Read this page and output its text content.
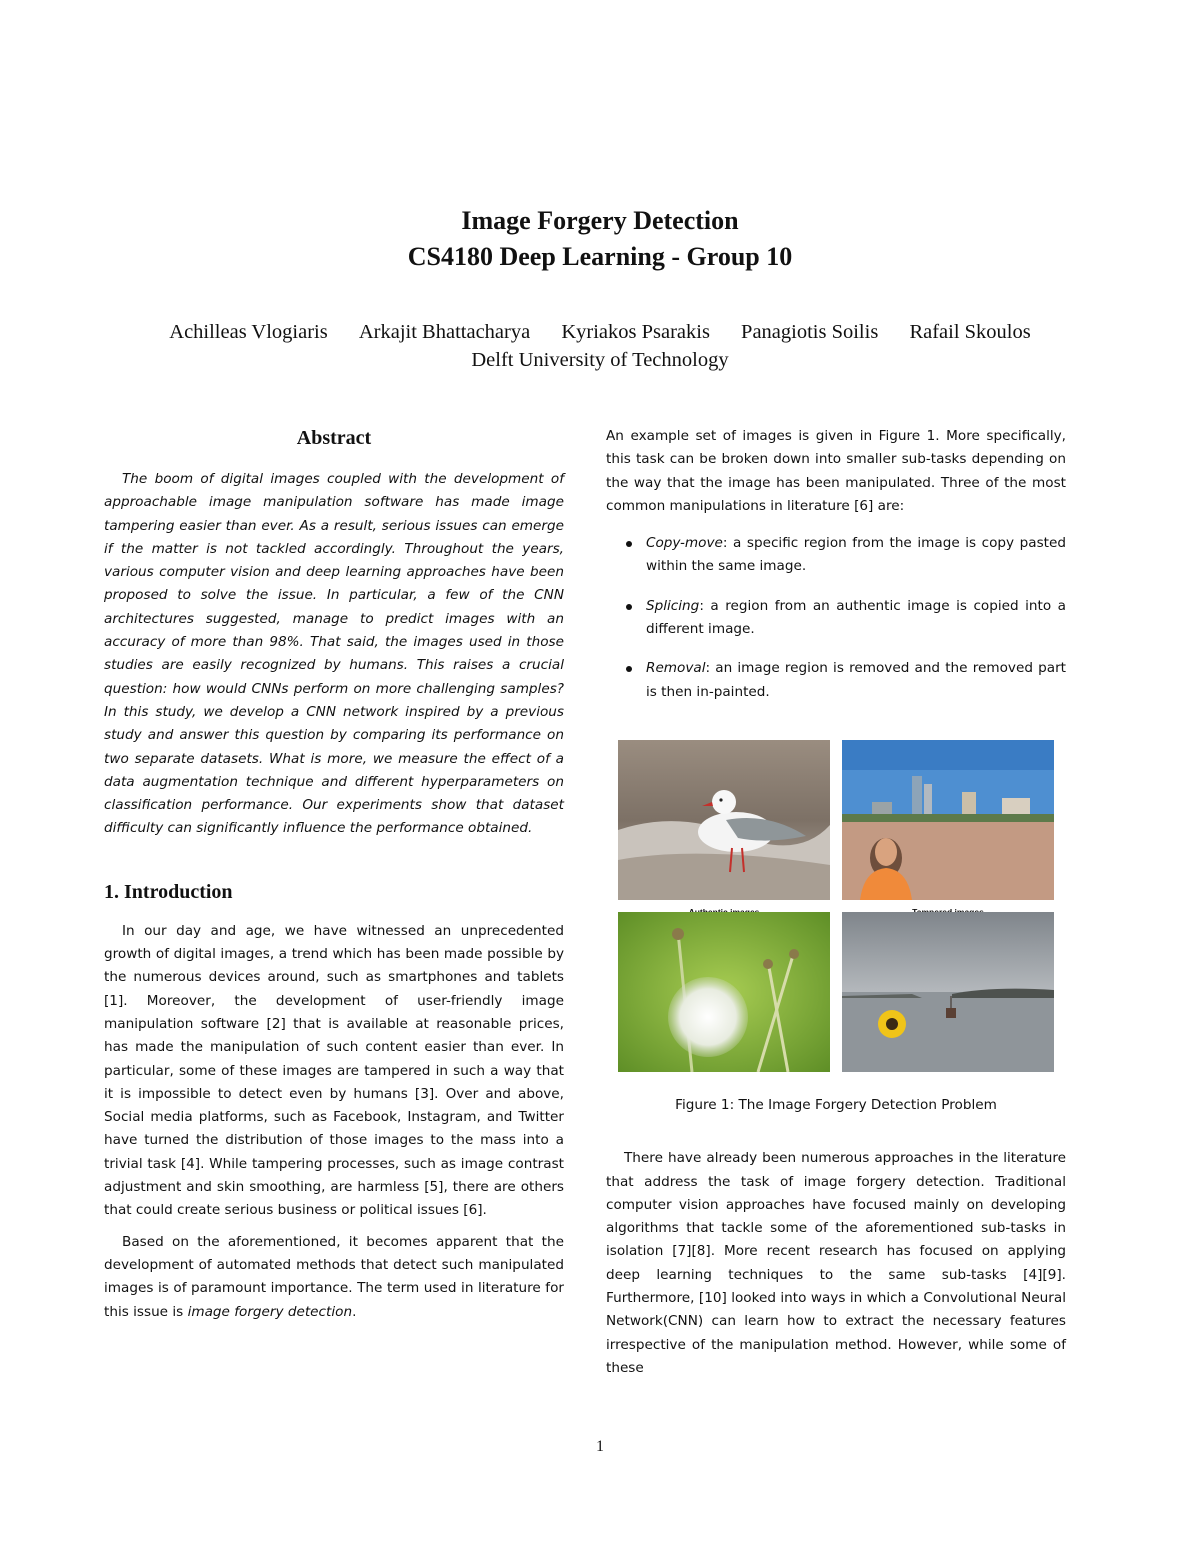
Image Forgery Detection

CS4180 Deep Learning - Group 10

Achilleas Vlogiaris Arkajit Bhattacharya Kyriakos Psarakis Panagiotis Soilis Rafail Skoulos
Delft University of Technology
Abstract

The boom of digital images coupled with the development of approachable image manipulation software has made image tampering easier than ever. As a result, serious issues can emerge if the matter is not tackled accordingly. Throughout the years, various computer vision and deep learning approaches have been proposed to solve the issue. In particular, a few of the CNN architectures suggested, manage to predict images with an accuracy of more than 98%. That said, the images used in those studies are easily recognized by humans. This raises a crucial question: how would CNNs perform on more challenging samples? In this study, we develop a CNN network inspired by a previous study and answer this question by comparing its performance on two separate datasets. What is more, we measure the effect of a data augmentation technique and different hyperparameters on classification performance. Our experiments show that dataset difficulty can significantly influence the performance obtained.

1. Introduction

In our day and age, we have witnessed an unprecedented growth of digital images, a trend which has been made possible by the numerous devices around, such as smartphones and tablets [1]. Moreover, the development of user-friendly image manipulation software [2] that is available at reasonable prices, has made the manipulation of such content easier than ever. In particular, some of these images are tampered in such a way that it is impossible to detect even by humans [3]. Over and above, Social media platforms, such as Facebook, Instagram, and Twitter have turned the distribution of those images to the mass into a trivial task [4]. While tampering processes, such as image contrast adjustment and skin smoothing, are harmless [5], there are others that could create serious business or political issues [6].

Based on the aforementioned, it becomes apparent that the development of automated methods that detect such manipulated images is of paramount importance. The term used in literature for this issue is image forgery detection.

An example set of images is given in Figure 1. More specifically, this task can be broken down into smaller sub-tasks depending on the way that the image has been manipulated. Three of the most common manipulations in literature [6] are:

Copy-move: a specific region from the image is copy pasted within the same image.
Splicing: a region from an authentic image is copied into a different image.
Removal: an image region is removed and the removed part is then in-painted.
Figure 1: The Image Forgery Detection Problem

There have already been numerous approaches in the literature that address the task of image forgery detection. Traditional computer vision approaches have focused mainly on developing algorithms that tackle some of the aforementioned sub-tasks in isolation [7][8]. More recent research has focused on applying deep learning techniques to the same sub-tasks [4][9]. Furthermore, [10] looked into ways in which a Convolutional Neural Network(CNN) can learn how to extract the necessary features irrespective of the manipulation method. However, while some of these

1
